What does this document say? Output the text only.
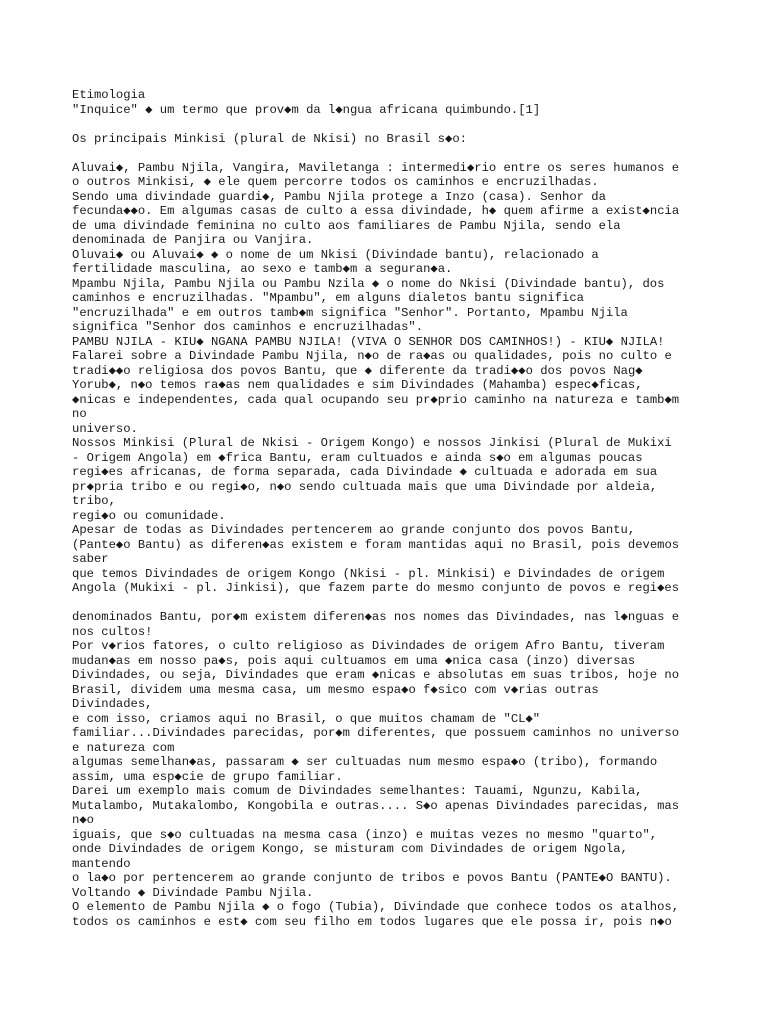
Etimologia
"Inquice" ◆ um termo que prov◆m da l◆ngua africana quimbundo.[1]
Os principais Minkisi (plural de Nkisi) no Brasil s◆o:
Aluvai◆, Pambu Njila, Vangira, Maviletanga : intermedi◆rio entre os seres humanos e
o outros Minkisi, ◆ ele quem percorre todos os caminhos e encruzilhadas.
Sendo uma divindade guardi◆, Pambu Njila protege a Inzo (casa). Senhor da
fecunda◆◆o. Em algumas casas de culto a essa divindade, h◆ quem afirme a exist◆ncia
de uma divindade feminina no culto aos familiares de Pambu Njila, sendo ela
denominada de Panjira ou Vanjira.
Oluvai◆ ou Aluvai◆ ◆ o nome de um Nkisi (Divindade bantu), relacionado a
fertilidade masculina, ao sexo e tamb◆m a seguran◆a.
Mpambu Njila, Pambu Njila ou Pambu Nzila ◆ o nome do Nkisi (Divindade bantu), dos
caminhos e encruzilhadas. "Mpambu", em alguns dialetos bantu significa
"encruzilhada" e em outros tamb◆m significa "Senhor". Portanto, Mpambu Njila
significa "Senhor dos caminhos e encruzilhadas".
PAMBU NJILA - KIU◆ NGANA PAMBU NJILA! (VIVA O SENHOR DOS CAMINHOS!) - KIU◆ NJILA!
Falarei sobre a Divindade Pambu Njila, n◆o de ra◆as ou qualidades, pois no culto e
tradi◆◆o religiosa dos povos Bantu, que ◆ diferente da tradi◆◆o dos povos Nag◆
Yorub◆, n◆o temos ra◆as nem qualidades e sim Divindades (Mahamba) espec◆ficas,
◆nicas e independentes, cada qual ocupando seu pr◆prio caminho na natureza e tamb◆m
no
universo.
Nossos Minkisi (Plural de Nkisi - Origem Kongo) e nossos Jinkisi (Plural de Mukixi
- Origem Angola) em ◆frica Bantu, eram cultuados e ainda s◆o em algumas poucas
regi◆es africanas, de forma separada, cada Divindade ◆ cultuada e adorada em sua
pr◆pria tribo e ou regi◆o, n◆o sendo cultuada mais que uma Divindade por aldeia,
tribo,
regi◆o ou comunidade.
Apesar de todas as Divindades pertencerem ao grande conjunto dos povos Bantu,
(Pante◆o Bantu) as diferen◆as existem e foram mantidas aqui no Brasil, pois devemos
saber
que temos Divindades de origem Kongo (Nkisi - pl. Minkisi) e Divindades de origem
Angola (Mukixi - pl. Jinkisi), que fazem parte do mesmo conjunto de povos e regi◆es
denominados Bantu, por◆m existem diferen◆as nos nomes das Divindades, nas l◆nguas e
nos cultos!
Por v◆rios fatores, o culto religioso as Divindades de origem Afro Bantu, tiveram
mudan◆as em nosso pa◆s, pois aqui cultuamos em uma ◆nica casa (inzo) diversas
Divindades, ou seja, Divindades que eram ◆nicas e absolutas em suas tribos, hoje no
Brasil, dividem uma mesma casa, um mesmo espa◆o f◆sico com v◆rias outras
Divindades,
e com isso, criamos aqui no Brasil, o que muitos chamam de "CL◆"
familiar...Divindades parecidas, por◆m diferentes, que possuem caminhos no universo
e natureza com
algumas semelhan◆as, passaram ◆ ser cultuadas num mesmo espa◆o (tribo), formando
assim, uma esp◆cie de grupo familiar.
Darei um exemplo mais comum de Divindades semelhantes: Tauami, Ngunzu, Kabila,
Mutalambo, Mutakalombo, Kongobila e outras.... S◆o apenas Divindades parecidas, mas
n◆o
iguais, que s◆o cultuadas na mesma casa (inzo) e muitas vezes no mesmo "quarto",
onde Divindades de origem Kongo, se misturam com Divindades de origem Ngola,
mantendo
o la◆o por pertencerem ao grande conjunto de tribos e povos Bantu (PANTE◆O BANTU).
Voltando ◆ Divindade Pambu Njila.
O elemento de Pambu Njila ◆ o fogo (Tubia), Divindade que conhece todos os atalhos,
todos os caminhos e est◆ com seu filho em todos lugares que ele possa ir, pois n◆o
